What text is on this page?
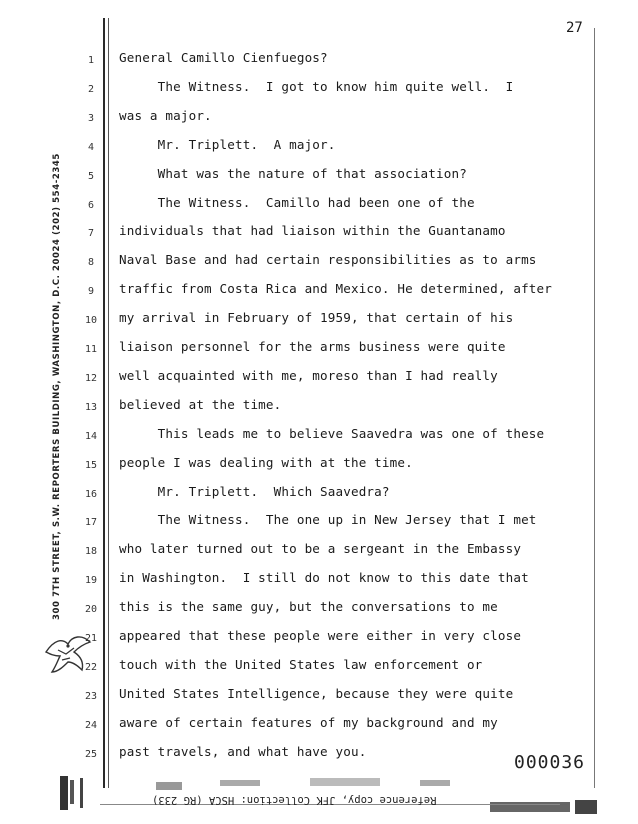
27
300 7TH STREET, S.W. REPORTERS BUILDING, WASHINGTON, D.C. 20024 (202) 554-2345
1	General Camillo Cienfuegos?
2	The Witness.  I got to know him quite well.  I
3	was a major.
4	Mr. Triplett.  A major.
5	What was the nature of that association?
6	The Witness.  Camillo had been one of the
7	individuals that had liaison within the Guantanamo
8	Naval Base and had certain responsibilities as to arms
9	traffic from Costa Rica and Mexico. He determined, after
10	my arrival in February of 1959, that certain of his
11	liaison personnel for the arms business were quite
12	well acquainted with me, moreso than I had really
13	believed at the time.
14	This leads me to believe Saavedra was one of these
15	people I was dealing with at the time.
16	Mr. Triplett.  Which Saavedra?
17	The Witness.  The one up in New Jersey that I met
18	who later turned out to be a sergeant in the Embassy
19	in Washington.  I still do not know to this date that
20	this is the same guy, but the conversations to me
21	appeared that these people were either in very close
22	touch with the United States law enforcement or
23	United States Intelligence, because they were quite
24	aware of certain features of my background and my
25	past travels, and what have you.
000036
Reference copy, JFK Collection: HSCA (RG 233)
